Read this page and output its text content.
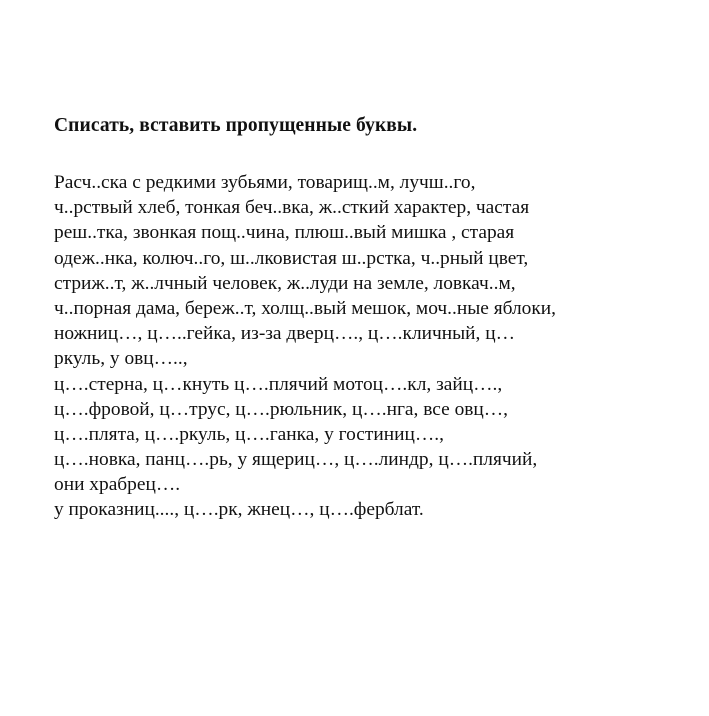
Списать, вставить пропущенные буквы.
Расч..ска с редкими зубьями, товарищ..м, лучш..го,
ч..рствый хлеб, тонкая беч..вка, ж..сткий характер, частая
реш..тка, звонкая пощ..чина, плюш..вый мишка , старая
одеж..нка, колюч..го, ш..лковистая ш..рстка, ч..рный цвет,
стриж..т, ж..лчный человек, ж..луди на земле, ловкач..м,
ч..порная дама, береж..т, холщ..вый мешок, моч..ные яблоки,
ножниц…, ц…..гейка, из-за дверц…., ц….кличный, ц…
ркуль, у овц…..,
ц….стерна, ц…кнуть ц….плячий мотоц….кл, зайц….,
ц….фровой, ц…трус, ц….рюльник, ц….нга, все овц…,
ц….плята, ц….ркуль, ц….ганка, у гостиниц….,
ц….новка, панц….рь, у ящериц…, ц….линдр, ц….плячий,
они храбрец….
у проказниц...., ц….рк, жнец…, ц….ферблат.
